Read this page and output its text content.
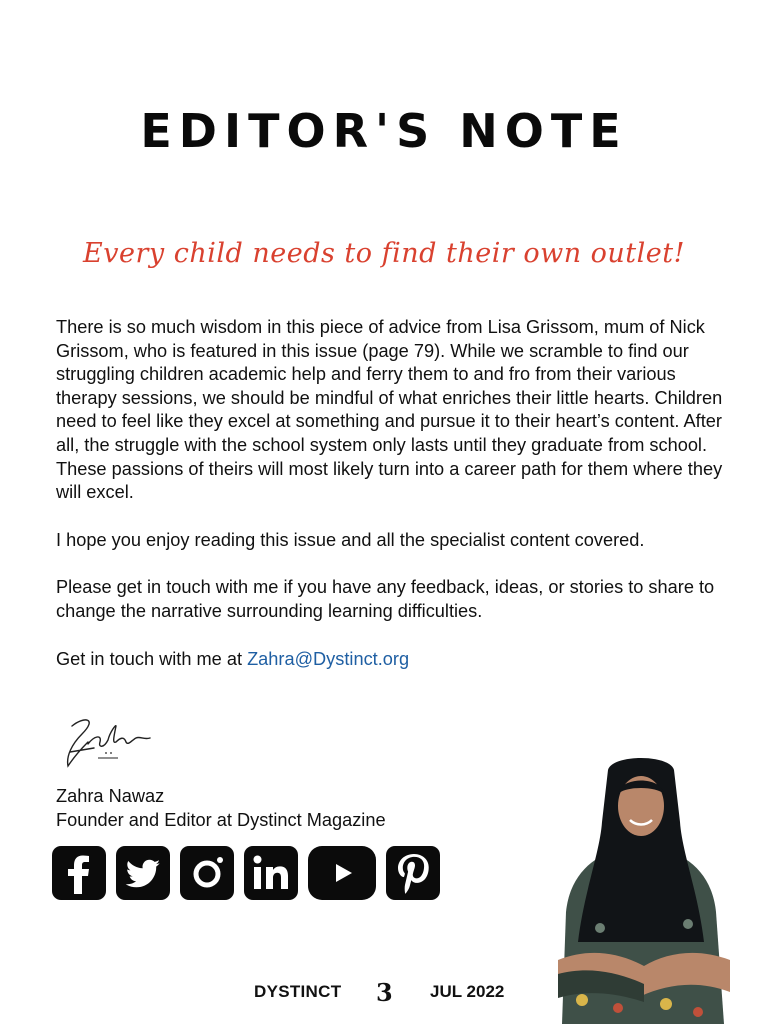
EDITOR'S NOTE
Every child needs to find their own outlet!

There is so much wisdom in this piece of advice from Lisa Grissom, mum of Nick Grissom, who is featured in this issue (page 79). While we scramble to find our struggling children academic help and ferry them to and fro from their various therapy sessions, we should be mindful of what enriches their little hearts. Children need to feel like they excel at something and pursue it to their heart’s content. After all, the struggle with the school system only lasts until they graduate from school. These passions of theirs will most likely turn into a career path for them where they will excel.

I hope you enjoy reading this issue and all the specialist content covered.

Please get in touch with me if you have any feedback, ideas, or stories to share to change the narrative surrounding learning difficulties.

Get in touch with me at Zahra@Dystinct.org

Zahra Nawaz
Founder and Editor at Dystinct Magazine
DYSTINCT 3 JUL 2022
